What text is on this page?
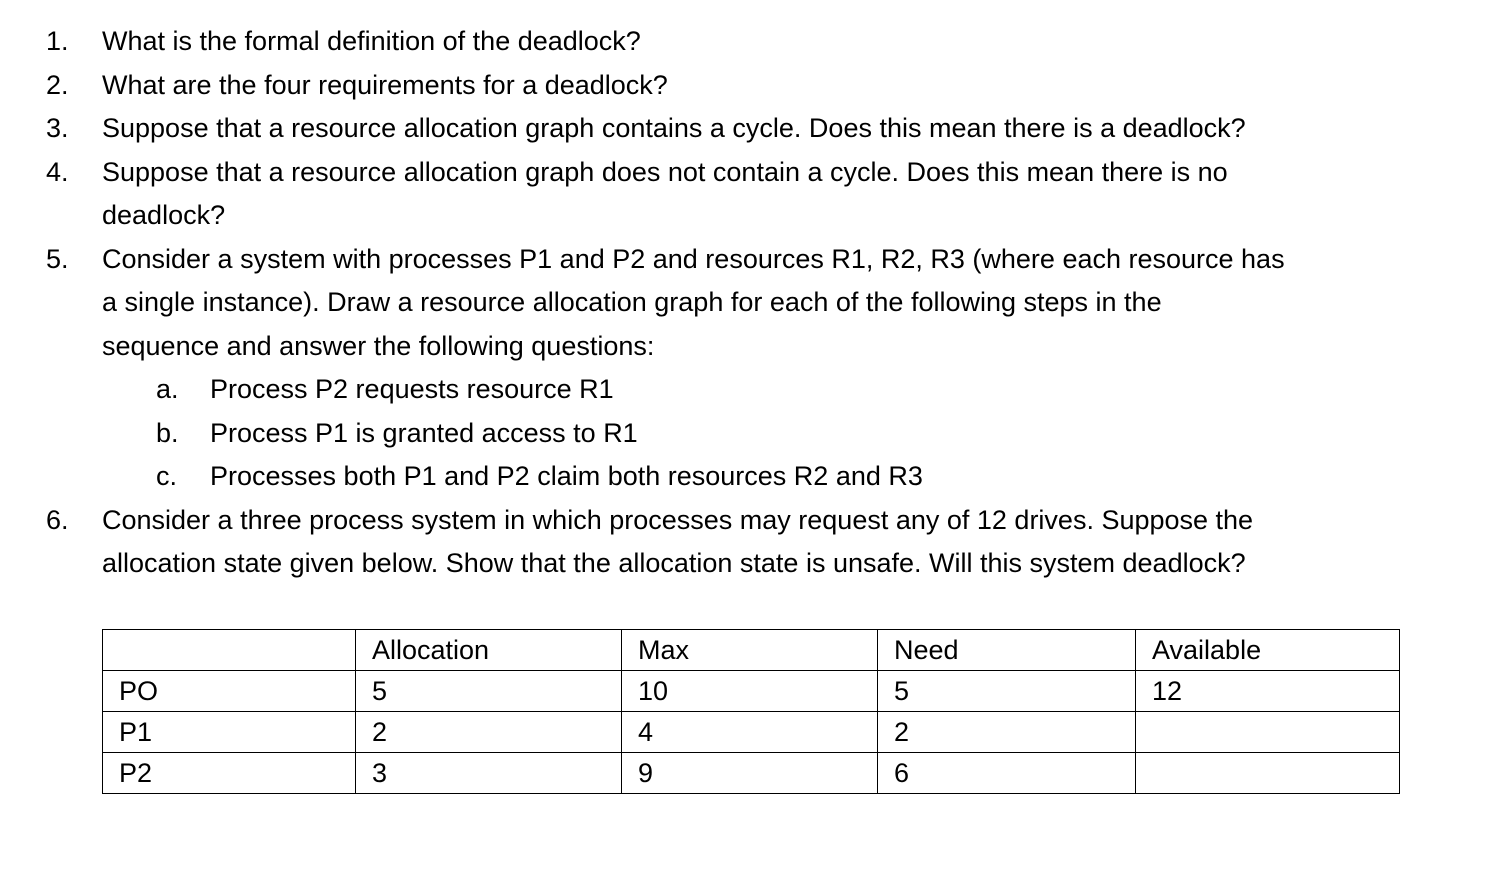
1.	What is the formal definition of the deadlock?
2.	What are the four requirements for a deadlock?
3.	Suppose that a resource allocation graph contains a cycle. Does this mean there is a deadlock?
4.	Suppose that a resource allocation graph does not contain a cycle. Does this mean there is no
deadlock?
5.	Consider a system with processes P1 and P2 and resources R1, R2, R3 (where each resource has
a single instance). Draw a resource allocation graph for each of the following steps in the
sequence and answer the following questions:
a. Process P2 requests resource R1
b. Process P1 is granted access to R1
c. Processes both P1 and P2 claim both resources R2 and R3
6.	Consider a three process system in which processes may request any of 12 drives. Suppose the
allocation state given below. Show that the allocation state is unsafe. Will this system deadlock?
	Allocation	Max	Need	Available
PO	5	10	5	12
P1	2	4	2	
P2	3	9	6	
